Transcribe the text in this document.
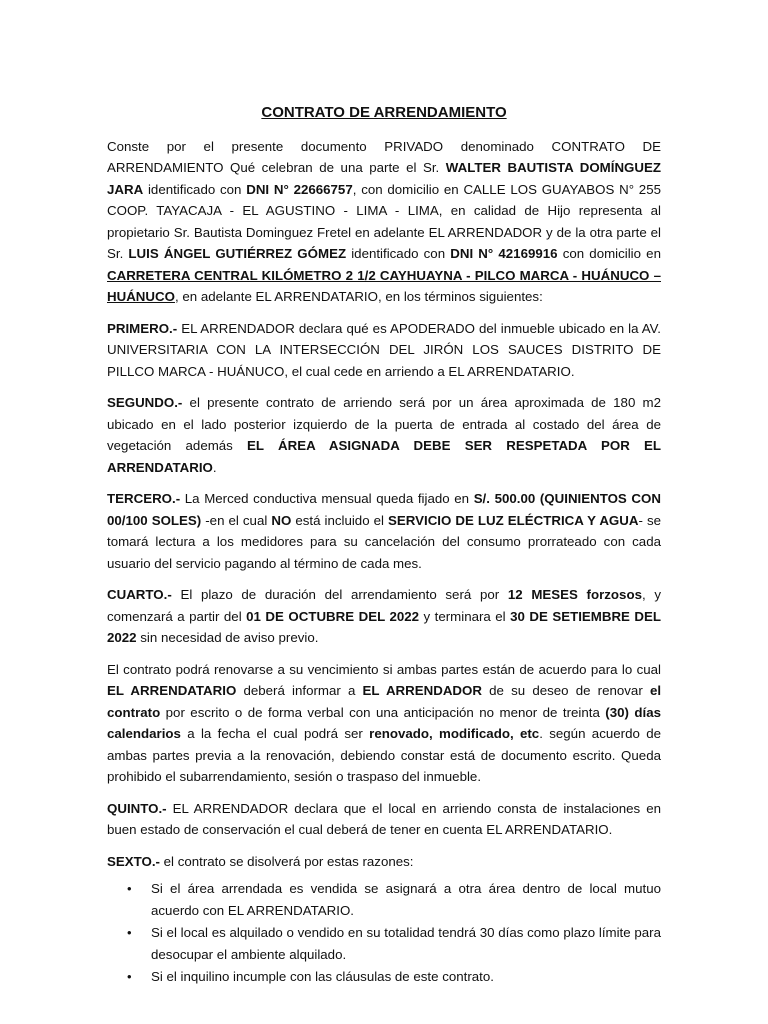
CONTRATO DE ARRENDAMIENTO

Conste por el presente documento PRIVADO denominado CONTRATO DE ARRENDAMIENTO Qué celebran de una parte el Sr. WALTER BAUTISTA DOMÍNGUEZ JARA identificado con DNI N° 22666757, con domicilio en CALLE LOS GUAYABOS N° 255 COOP. TAYACAJA - EL AGUSTINO - LIMA - LIMA, en calidad de Hijo representa al propietario Sr. Bautista Dominguez Fretel en adelante EL ARRENDADOR y de la otra parte el Sr. LUIS ÁNGEL GUTIÉRREZ GÓMEZ identificado con DNI N° 42169916 con domicilio en CARRETERA CENTRAL KILÓMETRO 2 1/2 CAYHUAYNA - PILCO MARCA - HUÁNUCO – HUÁNUCO, en adelante EL ARRENDATARIO, en los términos siguientes:

PRIMERO.- EL ARRENDADOR declara qué es APODERADO del inmueble ubicado en la AV. UNIVERSITARIA CON LA INTERSECCIÓN DEL JIRÓN LOS SAUCES DISTRITO DE PILLCO MARCA - HUÁNUCO, el cual cede en arriendo a EL ARRENDATARIO.

SEGUNDO.- el presente contrato de arriendo será por un área aproximada de 180 m2 ubicado en el lado posterior izquierdo de la puerta de entrada al costado del área de vegetación además EL ÁREA ASIGNADA DEBE SER RESPETADA POR EL ARRENDATARIO.

TERCERO.- La Merced conductiva mensual queda fijado en S/. 500.00 (QUINIENTOS CON 00/100 SOLES) -en el cual NO está incluido el SERVICIO DE LUZ ELÉCTRICA Y AGUA- se tomará lectura a los medidores para su cancelación del consumo prorrateado con cada usuario del servicio pagando al término de cada mes.

CUARTO.- El plazo de duración del arrendamiento será por 12 MESES forzosos, y comenzará a partir del 01 DE OCTUBRE DEL 2022 y terminara el 30 DE SETIEMBRE DEL 2022 sin necesidad de aviso previo.

El contrato podrá renovarse a su vencimiento si ambas partes están de acuerdo para lo cual EL ARRENDATARIO deberá informar a EL ARRENDADOR de su deseo de renovar el contrato por escrito o de forma verbal con una anticipación no menor de treinta (30) días calendarios a la fecha el cual podrá ser renovado, modificado, etc. según acuerdo de ambas partes previa a la renovación, debiendo constar está de documento escrito. Queda prohibido el subarrendamiento, sesión o traspaso del inmueble.

QUINTO.- EL ARRENDADOR declara que el local en arriendo consta de instalaciones en buen estado de conservación el cual deberá de tener en cuenta EL ARRENDATARIO.

SEXTO.- el contrato se disolverá por estas razones:

• Si el área arrendada es vendida se asignará a otra área dentro de local mutuo acuerdo con EL ARRENDATARIO.
• Si el local es alquilado o vendido en su totalidad tendrá 30 días como plazo límite para desocupar el ambiente alquilado.
• Si el inquilino incumple con las cláusulas de este contrato.
